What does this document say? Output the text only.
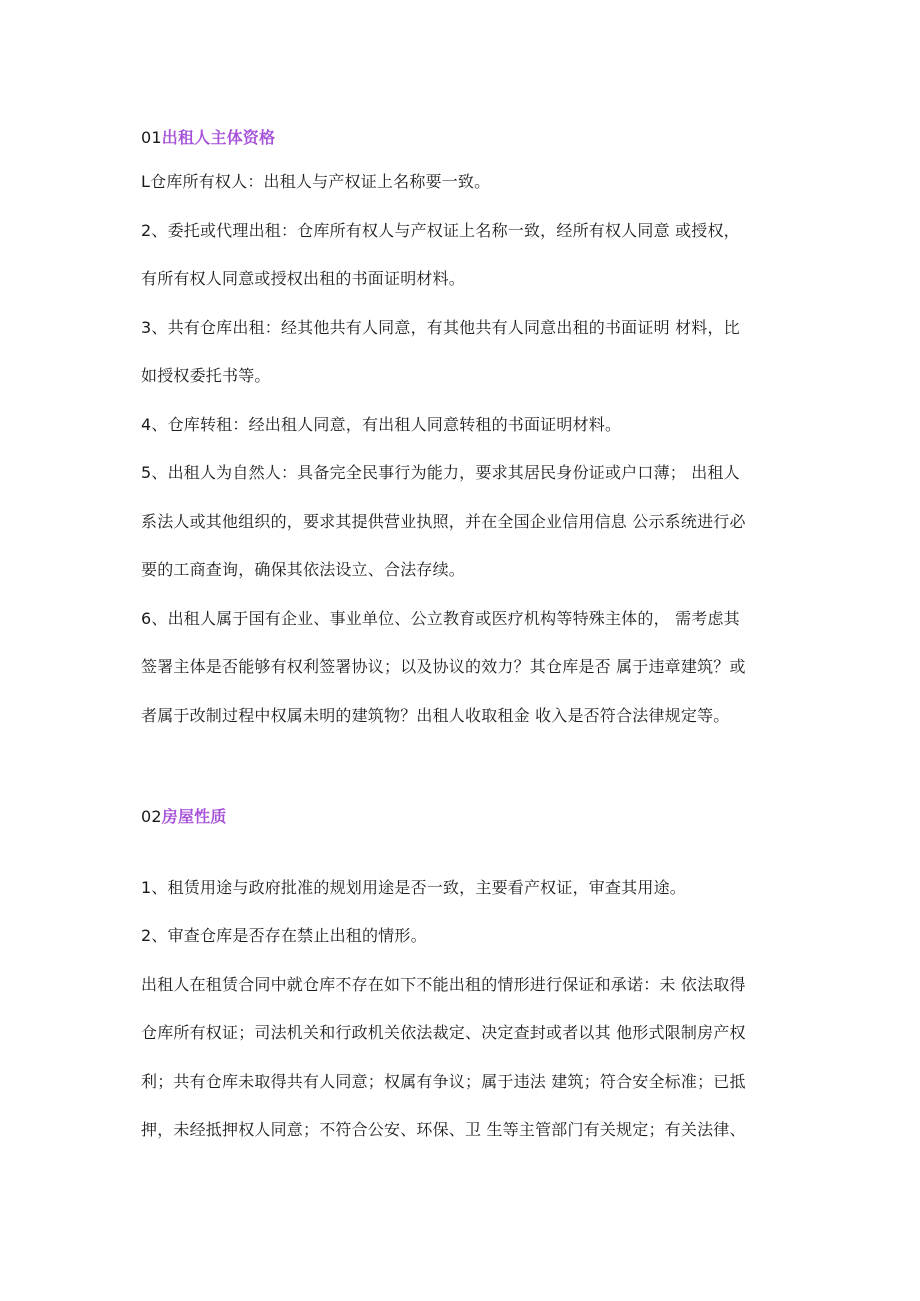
01出租人主体资格
L仓库所有权人：出租人与产权证上名称要一致。
2、委托或代理出租：仓库所有权人与产权证上名称一致，经所有权人同意 或授权，
有所有权人同意或授权出租的书面证明材料。
3、共有仓库出租：经其他共有人同意，有其他共有人同意出租的书面证明 材料，比
如授权委托书等。
4、仓库转租：经出租人同意，有出租人同意转租的书面证明材料。
5、出租人为自然人：具备完全民事行为能力，要求其居民身份证或户口薄； 出租人
系法人或其他组织的，要求其提供营业执照，并在全国企业信用信息 公示系统进行必
要的工商查询，确保其依法设立、合法存续。
6、出租人属于国有企业、事业单位、公立教育或医疗机构等特殊主体的， 需考虑其
签署主体是否能够有权利签署协议；以及协议的效力？其仓库是否 属于违章建筑？或
者属于改制过程中权属未明的建筑物？出租人收取租金 收入是否符合法律规定等。
02房屋性质
1、租赁用途与政府批准的规划用途是否一致，主要看产权证，审查其用途。
2、审查仓库是否存在禁止出租的情形。
出租人在租赁合同中就仓库不存在如下不能出租的情形进行保证和承诺：未 依法取得
仓库所有权证；司法机关和行政机关依法裁定、决定查封或者以其 他形式限制房产权
利；共有仓库未取得共有人同意；权属有争议；属于违法 建筑；符合安全标准；已抵
押，未经抵押权人同意；不符合公安、环保、卫 生等主管部门有关规定；有关法律、
